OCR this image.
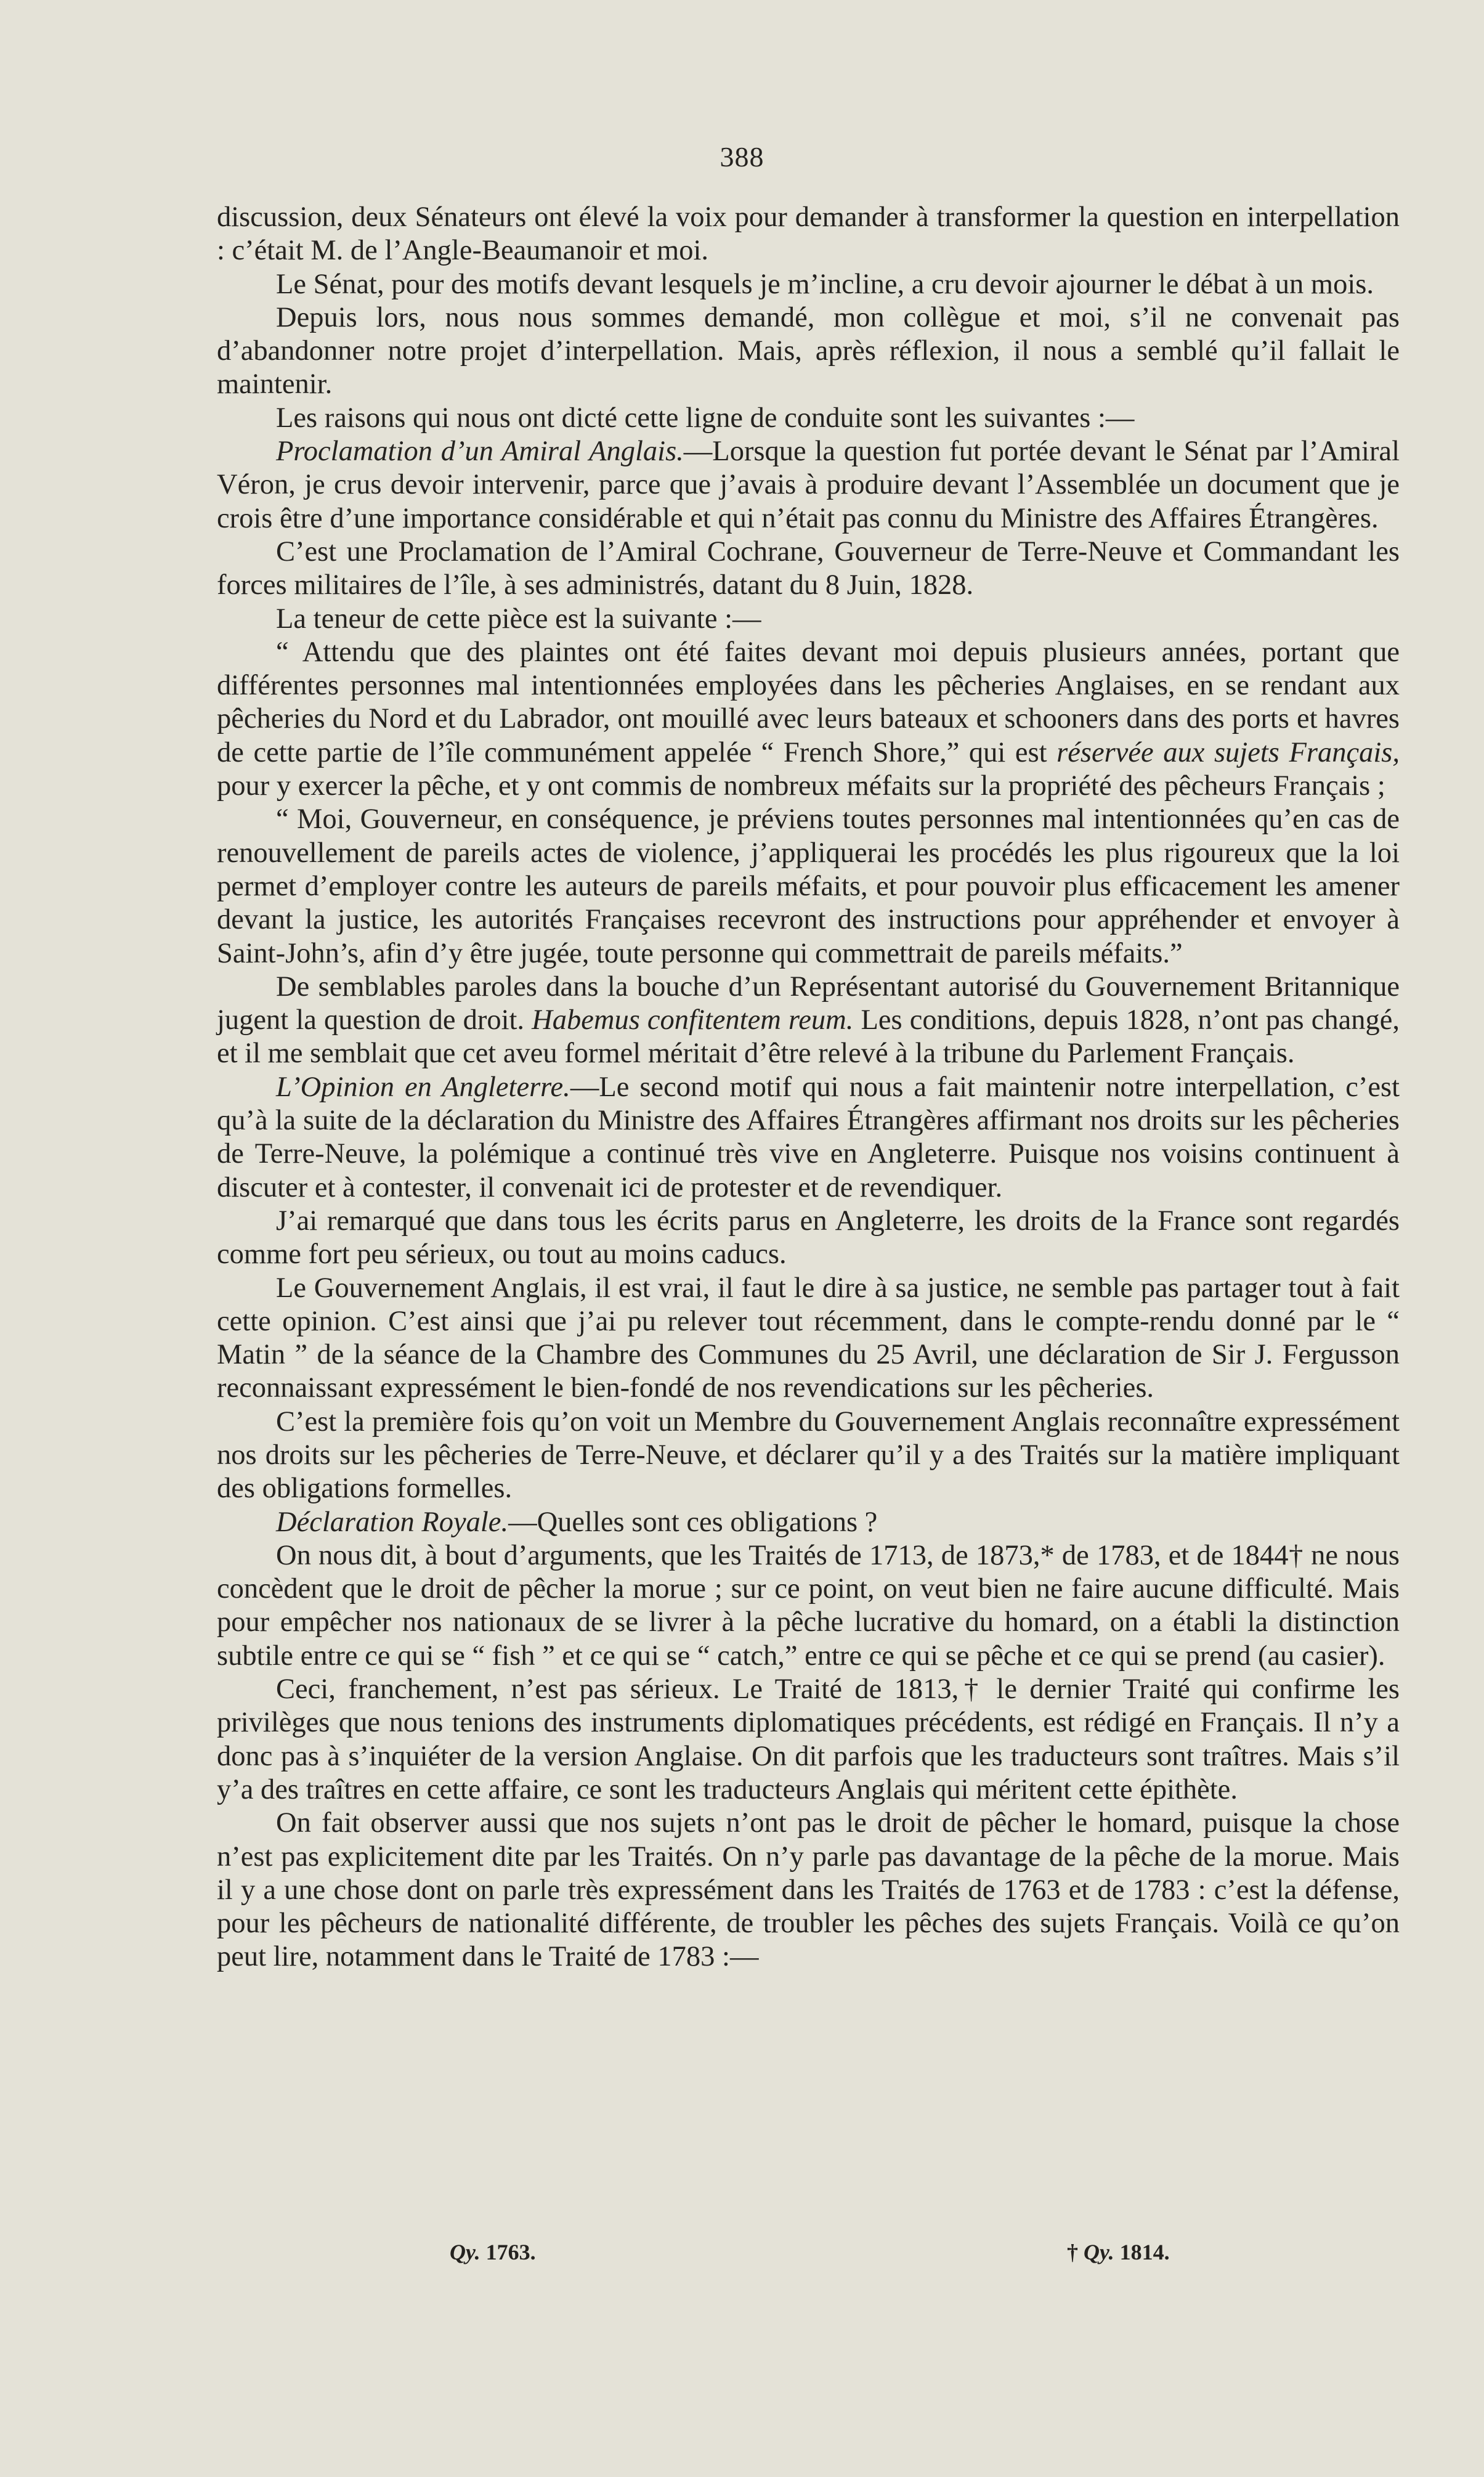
388

discussion, deux Sénateurs ont élevé la voix pour demander à transformer la question en interpellation : c’était M. de l’Angle-Beaumanoir et moi.

Le Sénat, pour des motifs devant lesquels je m’incline, a cru devoir ajourner le débat à un mois.

Depuis lors, nous nous sommes demandé, mon collègue et moi, s’il ne convenait pas d’abandonner notre projet d’interpellation. Mais, après réflexion, il nous a semblé qu’il fallait le maintenir.

Les raisons qui nous ont dicté cette ligne de conduite sont les suivantes :—

Proclamation d’un Amiral Anglais.—Lorsque la question fut portée devant le Sénat par l’Amiral Véron, je crus devoir intervenir, parce que j’avais à produire devant l’Assemblée un document que je crois être d’une importance considérable et qui n’était pas connu du Ministre des Affaires Étrangères.

C’est une Proclamation de l’Amiral Cochrane, Gouverneur de Terre-Neuve et Commandant les forces militaires de l’île, à ses administrés, datant du 8 Juin, 1828.

La teneur de cette pièce est la suivante :—

“ Attendu que des plaintes ont été faites devant moi depuis plusieurs années, portant que différentes personnes mal intentionnées employées dans les pêcheries Anglaises, en se rendant aux pêcheries du Nord et du Labrador, ont mouillé avec leurs bateaux et schooners dans des ports et havres de cette partie de l’île communément appelée “ French Shore,” qui est réservée aux sujets Français, pour y exercer la pêche, et y ont commis de nombreux méfaits sur la propriété des pêcheurs Français ;

“ Moi, Gouverneur, en conséquence, je préviens toutes personnes mal intentionnées qu’en cas de renouvellement de pareils actes de violence, j’appliquerai les procédés les plus rigoureux que la loi permet d’employer contre les auteurs de pareils méfaits, et pour pouvoir plus efficacement les amener devant la justice, les autorités Françaises recevront des instructions pour appréhender et envoyer à Saint-John’s, afin d’y être jugée, toute personne qui commettrait de pareils méfaits.”

De semblables paroles dans la bouche d’un Représentant autorisé du Gouvernement Britannique jugent la question de droit. Habemus confitentem reum. Les conditions, depuis 1828, n’ont pas changé, et il me semblait que cet aveu formel méritait d’être relevé à la tribune du Parlement Français.

L’Opinion en Angleterre.—Le second motif qui nous a fait maintenir notre interpellation, c’est qu’à la suite de la déclaration du Ministre des Affaires Étrangères affirmant nos droits sur les pêcheries de Terre-Neuve, la polémique a continué très vive en Angleterre. Puisque nos voisins continuent à discuter et à contester, il convenait ici de protester et de revendiquer.

J’ai remarqué que dans tous les écrits parus en Angleterre, les droits de la France sont regardés comme fort peu sérieux, ou tout au moins caducs.

Le Gouvernement Anglais, il est vrai, il faut le dire à sa justice, ne semble pas partager tout à fait cette opinion. C’est ainsi que j’ai pu relever tout récemment, dans le compte-rendu donné par le “ Matin ” de la séance de la Chambre des Communes du 25 Avril, une déclaration de Sir J. Fergusson reconnaissant expressément le bien-fondé de nos revendications sur les pêcheries.

C’est la première fois qu’on voit un Membre du Gouvernement Anglais reconnaître expressément nos droits sur les pêcheries de Terre-Neuve, et déclarer qu’il y a des Traités sur la matière impliquant des obligations formelles.

Déclaration Royale.—Quelles sont ces obligations ?

On nous dit, à bout d’arguments, que les Traités de 1713, de 1873,* de 1783, et de 1844† ne nous concèdent que le droit de pêcher la morue ; sur ce point, on veut bien ne faire aucune difficulté. Mais pour empêcher nos nationaux de se livrer à la pêche lucrative du homard, on a établi la distinction subtile entre ce qui se “ fish ” et ce qui se “ catch,” entre ce qui se pêche et ce qui se prend (au casier).

Ceci, franchement, n’est pas sérieux. Le Traité de 1813,† le dernier Traité qui confirme les privilèges que nous tenions des instruments diplomatiques précédents, est rédigé en Français. Il n’y a donc pas à s’inquiéter de la version Anglaise. On dit parfois que les traducteurs sont traîtres. Mais s’il y’a des traîtres en cette affaire, ce sont les traducteurs Anglais qui méritent cette épithète.

On fait observer aussi que nos sujets n’ont pas le droit de pêcher le homard, puisque la chose n’est pas explicitement dite par les Traités. On n’y parle pas davantage de la pêche de la morue. Mais il y a une chose dont on parle très expressément dans les Traités de 1763 et de 1783 : c’est la défense, pour les pêcheurs de nationalité différente, de troubler les pêches des sujets Français. Voilà ce qu’on peut lire, notamment dans le Traité de 1783 :—

Qy. 1763.	† Qy. 1814.
